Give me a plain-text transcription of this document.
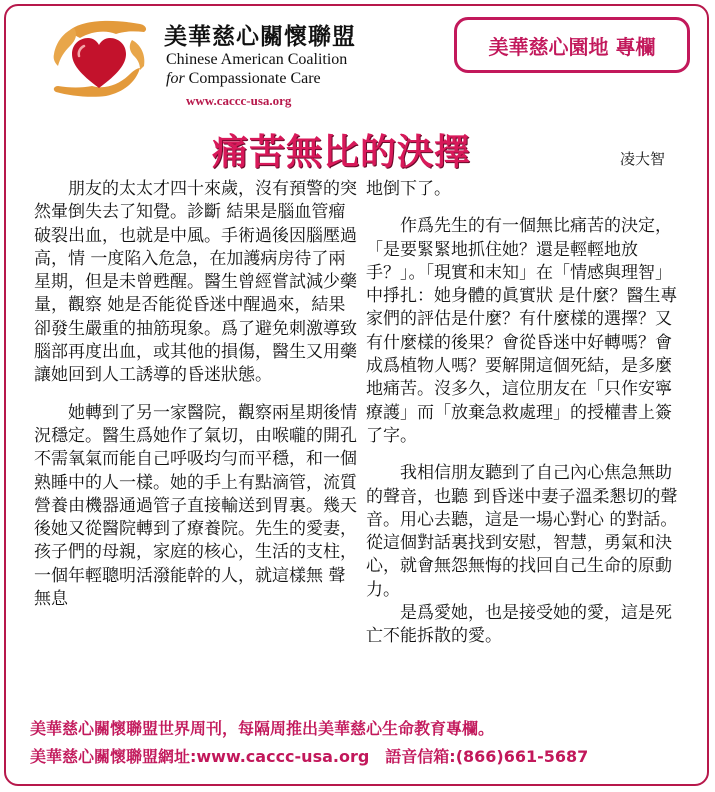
美華慈心關懷聯盟
Chinese American Coalition
for Compassionate Care
www.caccc-usa.org
美華慈心園地 專欄
痛苦無比的決擇	凌大智

朋友的太太才四十來歲，沒有預警的突然暈倒失去了知覺。診斷 結果是腦血管瘤破裂出血，也就是中風。手術過後因腦壓過高，情 一度陷入危急，在加護病房待了兩星期，但是未曾甦醒。醫生曾經嘗試減少藥量，觀察 她是否能從昏迷中醒過來，結果卻發生嚴重的抽筋現象。爲了避免刺激導致腦部再度出血，或其他的損傷，醫生又用藥讓她回到人工誘導的昏迷狀態。

她轉到了另一家醫院，觀察兩星期後情況穩定。醫生爲她作了氣切，由喉嚨的開孔不需氧氣而能自己呼吸均勻而平穩，和一個熟睡中的人一樣。她的手上有點滴管，流質營養由機器通過管子直接輸送到胃裏。幾天後她又從醫院轉到了療養院。先生的愛妻，孩子們的母親，家庭的核心，生活的支柱，一個年輕聰明活潑能幹的人，就這樣無 聲無息

地倒下了。

作爲先生的有一個無比痛苦的決定，「是要緊緊地抓住她？還是輕輕地放手？」。「現實和末知」在「情感與理智」中掙扎：她身體的眞實狀 是什麼？醫生專家們的評估是什麼？有什麼樣的選擇？又有什麼樣的後果？會從昏迷中好轉嗎？會成爲植物人嗎？要解開這個死結，是多麼地痛苦。沒多久，這位朋友在「只作安寧療護」而「放棄急救處理」的授權書上簽了字。

我相信朋友聽到了自己內心焦急無助的聲音，也聽 到昏迷中妻子溫柔懇切的聲音。用心去聽，這是一場心對心 的對話。從這個對話裏找到安慰，智慧，勇氣和決心，就會無怨無悔的找回自己生命的原動力。

是爲愛她，也是接受她的愛，這是死亡不能拆散的愛。

美華慈心關懷聯盟世界周刊，每隔周推出美華慈心生命教育專欄。
美華慈心關懷聯盟網址:www.caccc-usa.org　語音信箱:(866)661-5687
